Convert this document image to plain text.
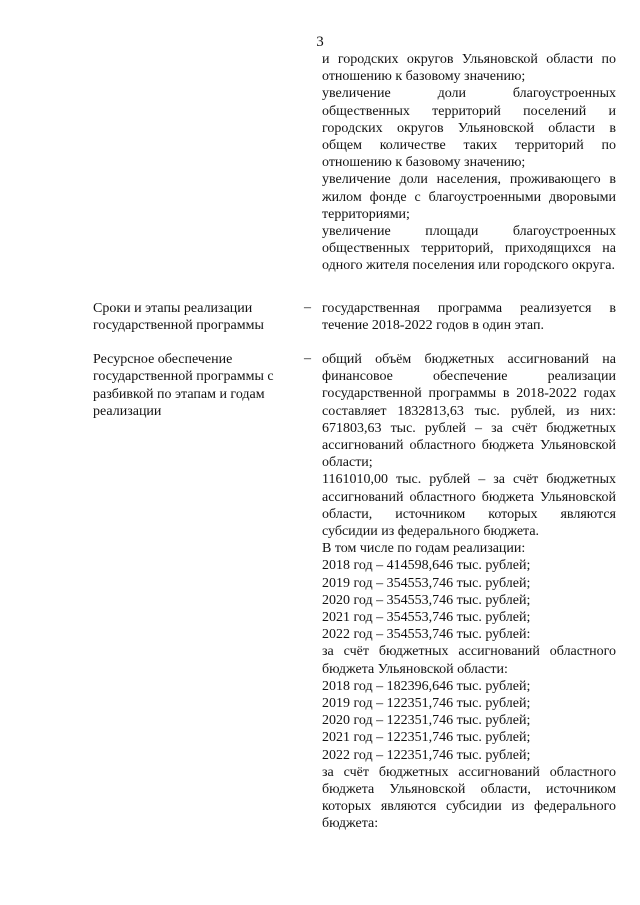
3

и городских округов Ульяновской области по отношению к базовому значению;

увеличение доли благоустроенных общественных территорий поселений и городских округов Ульяновской области в общем количестве таких территорий по отношению к базовому значению;

увеличение доли населения, проживающего в жилом фонде с благоустроенными дворовыми территориями;

увеличение площади благоустроенных общественных территорий, приходящихся на одного жителя поселения или городского округа.

Сроки и этапы реализации государственной программы
– государственная программа реализуется в течение 2018-2022 годов в один этап.

Ресурсное обеспечение государственной программы с разбивкой по этапам и годам реализации
– общий объём бюджетных ассигнований на финансовое обеспечение реализации государственной программы в 2018-2022 годах составляет 1832813,63 тыс. рублей, из них: 671803,63 тыс. рублей – за счёт бюджетных ассигнований областного бюджета Ульяновской области;

1161010,00 тыс. рублей – за счёт бюджетных ассигнований областного бюджета Ульяновской области, источником которых являются субсидии из федерального бюджета.

В том числе по годам реализации:
2018 год – 414598,646 тыс. рублей;
2019 год – 354553,746 тыс. рублей;
2020 год – 354553,746 тыс. рублей;
2021 год – 354553,746 тыс. рублей;
2022 год – 354553,746 тыс. рублей:

за счёт бюджетных ассигнований областного бюджета Ульяновской области:

2018 год – 182396,646 тыс. рублей;
2019 год – 122351,746 тыс. рублей;
2020 год – 122351,746 тыс. рублей;
2021 год – 122351,746 тыс. рублей;
2022 год – 122351,746 тыс. рублей;

за счёт бюджетных ассигнований областного бюджета Ульяновской области, источником которых являются субсидии из федерального бюджета:
